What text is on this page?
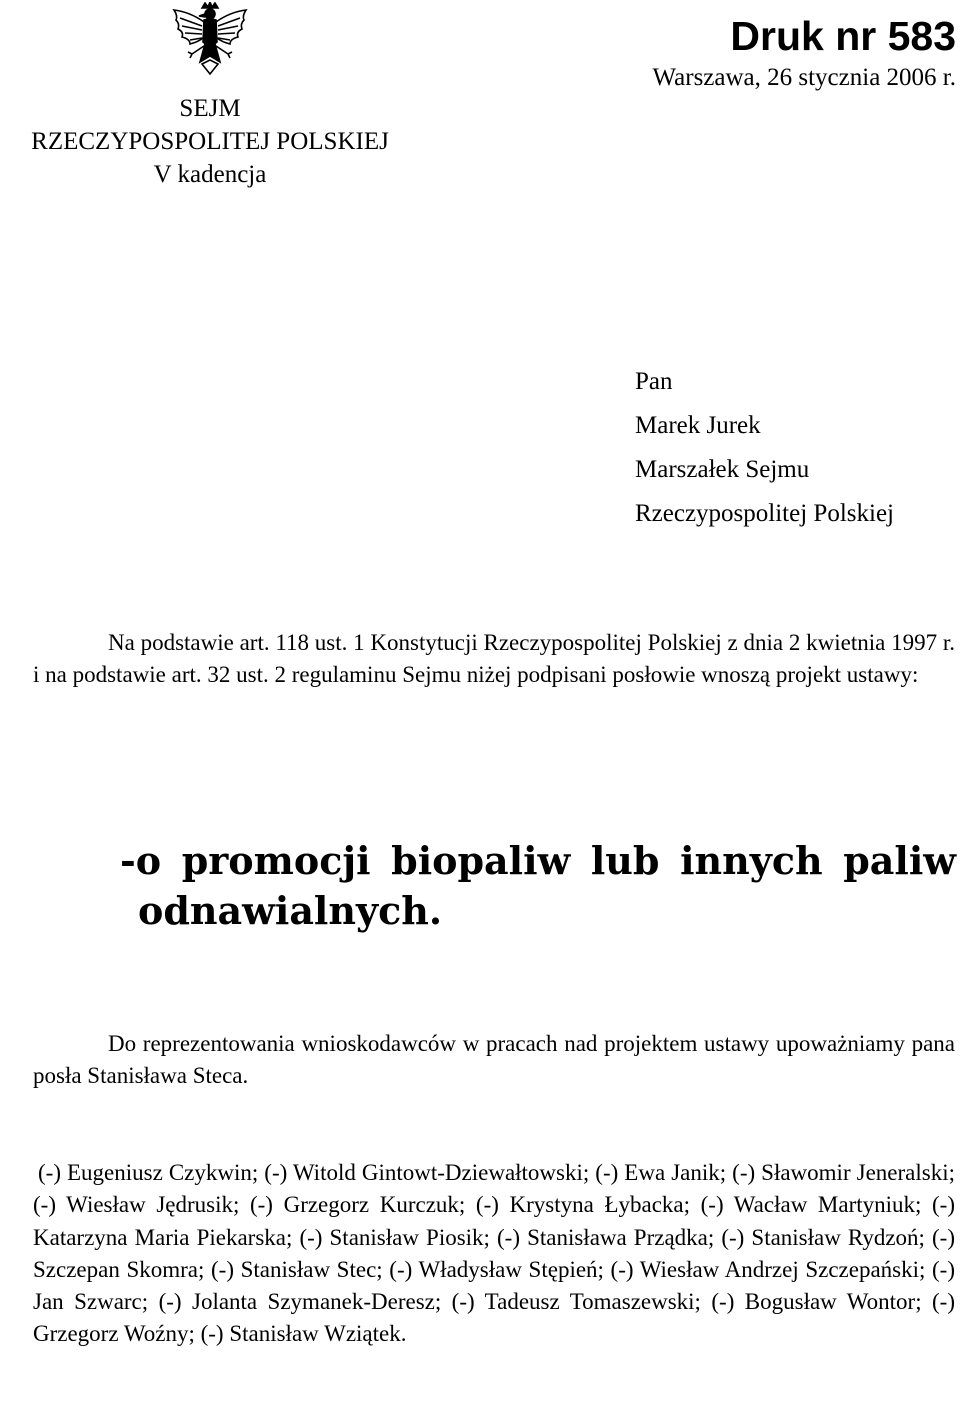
SEJM
RZECZYPOSPOLITEJ POLSKIEJ
V kadencja
Druk nr 583
Warszawa, 26 stycznia 2006 r.
Pan
Marek Jurek
Marszałek Sejmu
Rzeczypospolitej Polskiej
Na podstawie art. 118 ust. 1 Konstytucji Rzeczypospolitej Polskiej z dnia 2 kwietnia 1997 r. i na podstawie art. 32 ust. 2 regulaminu Sejmu niżej podpisani posłowie wnoszą projekt ustawy:
-o promocji biopaliw lub innych paliw odnawialnych.
Do reprezentowania wnioskodawców w pracach nad projektem ustawy upoważniamy pana posła Stanisława Steca.
(-) Eugeniusz Czykwin; (-) Witold Gintowt-Dziewałtowski; (-) Ewa Janik; (-) Sławomir Jeneralski; (-) Wiesław Jędrusik; (-) Grzegorz Kurczuk; (-) Krystyna Łybacka; (-) Wacław Martyniuk; (-) Katarzyna Maria Piekarska; (-) Stanisław Piosik; (-) Stanisława Prządka; (-) Stanisław Rydzoń; (-) Szczepan Skomra; (-) Stanisław Stec; (-) Władysław Stępień; (-) Wiesław Andrzej Szczepański; (-) Jan Szwarc; (-) Jolanta Szymanek-Deresz; (-) Tadeusz Tomaszewski; (-) Bogusław Wontor; (-) Grzegorz Woźny; (-) Stanisław Wziątek.
